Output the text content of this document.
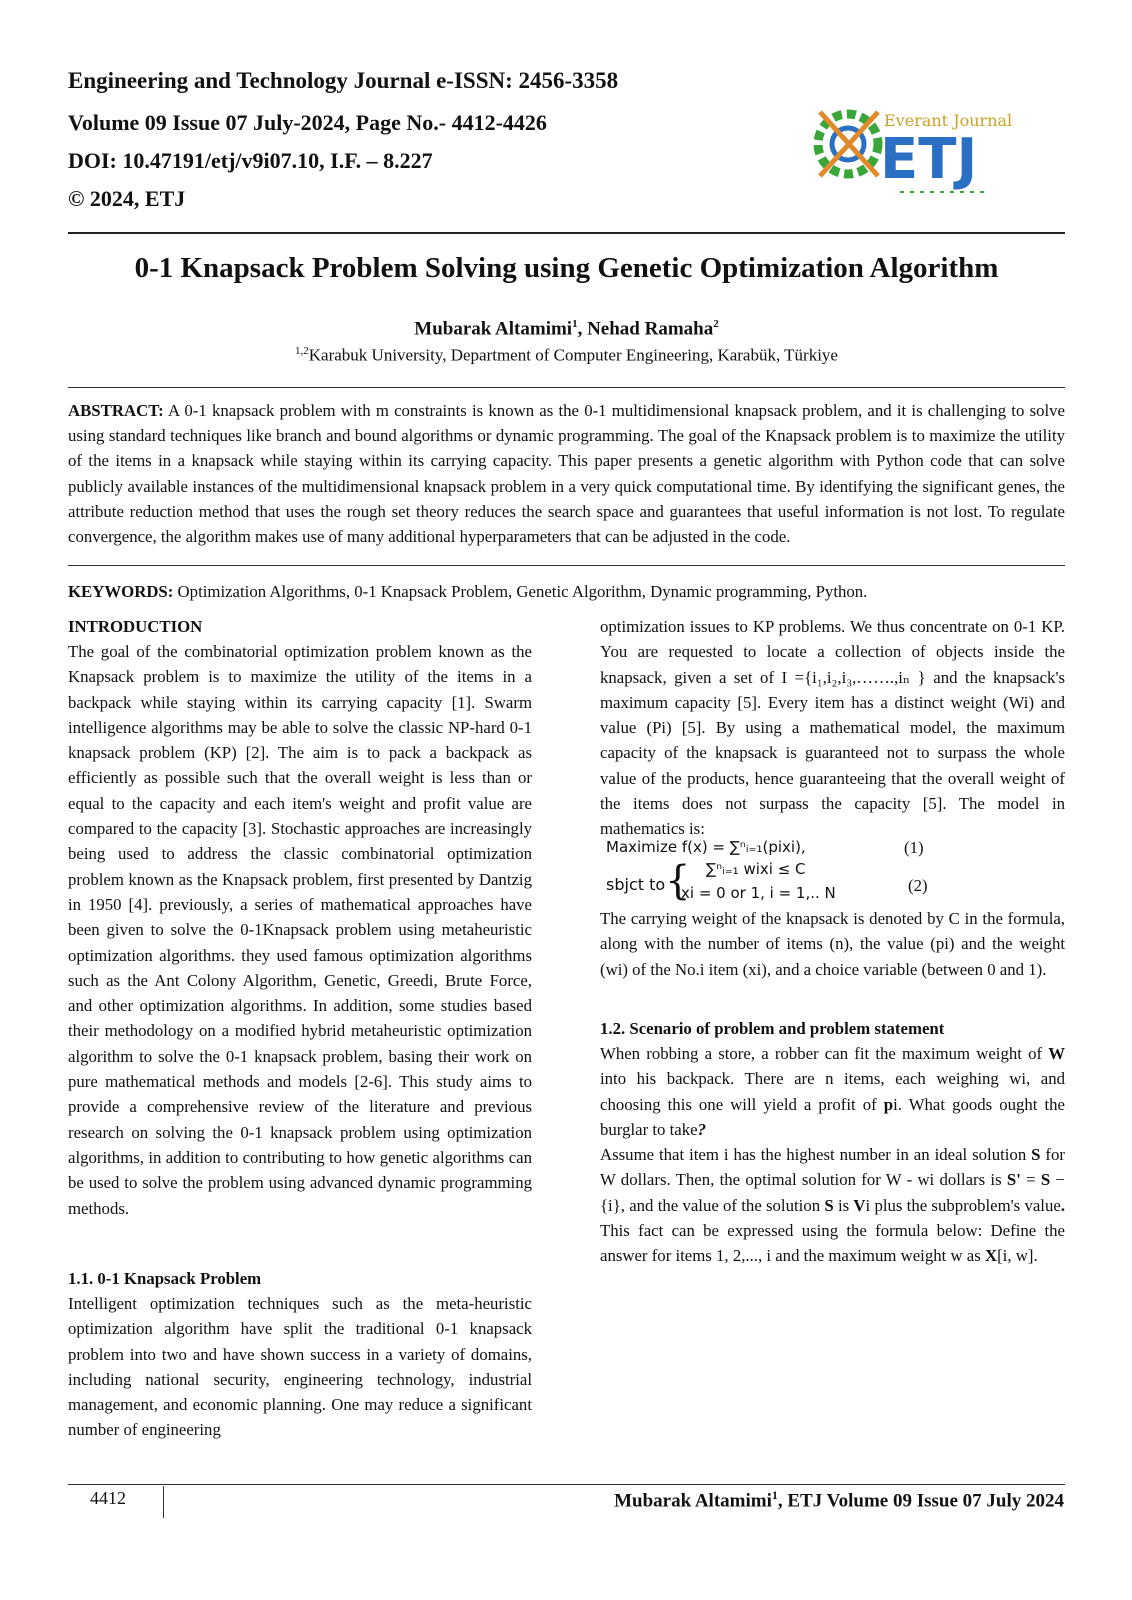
Engineering and Technology Journal e-ISSN: 2456-3358
Volume 09 Issue 07 July-2024, Page No.- 4412-4426
DOI: 10.47191/etj/v9i07.10, I.F. – 8.227
© 2024, ETJ
Everant Journal
ETJ
0-1 Knapsack Problem Solving using Genetic Optimization Algorithm
Mubarak Altamimi$^1$, Nehad Ramaha$^2$
$^{1,2}$Karabuk University, Department of Computer Engineering, Karabük, Türkiye
ABSTRACT: A 0-1 knapsack problem with m constraints is known as the 0-1 multidimensional knapsack problem, and it is challenging to solve using standard techniques like branch and bound algorithms or dynamic programming. The goal of the Knapsack problem is to maximize the utility of the items in a knapsack while staying within its carrying capacity. This paper presents a genetic algorithm with Python code that can solve publicly available instances of the multidimensional knapsack problem in a very quick computational time. By identifying the significant genes, the attribute reduction method that uses the rough set theory reduces the search space and guarantees that useful information is not lost. To regulate convergence, the algorithm makes use of many additional hyperparameters that can be adjusted in the code.
KEYWORDS: Optimization Algorithms, 0-1 Knapsack Problem, Genetic Algorithm, Dynamic programming, Python.
INTRODUCTION
The goal of the combinatorial optimization problem known as the Knapsack problem is to maximize the utility of the items in a backpack while staying within its carrying capacity [1]. Swarm intelligence algorithms may be able to solve the classic NP-hard 0-1 knapsack problem (KP) [2]. The aim is to pack a backpack as efficiently as possible such that the overall weight is less than or equal to the capacity and each item's weight and profit value are compared to the capacity [3]. Stochastic approaches are increasingly being used to address the classic combinatorial optimization problem known as the Knapsack problem, first presented by Dantzig in 1950 [4]. previously, a series of mathematical approaches have been given to solve the 0-1Knapsack problem using metaheuristic optimization algorithms. they used famous optimization algorithms such as the Ant Colony Algorithm, Genetic, Greedi, Brute Force, and other optimization algorithms. In addition, some studies based their methodology on a modified hybrid metaheuristic optimization algorithm to solve the 0-1 knapsack problem, basing their work on pure mathematical methods and models [2-6]. This study aims to provide a comprehensive review of the literature and previous research on solving the 0-1 knapsack problem using optimization algorithms, in addition to contributing to how genetic algorithms can be used to solve the problem using advanced dynamic programming methods.
1.1. 0-1 Knapsack Problem
Intelligent optimization techniques such as the meta-heuristic optimization algorithm have split the traditional 0-1 knapsack problem into two and have shown success in a variety of domains, including national security, engineering technology, industrial management, and economic planning. One may reduce a significant number of engineering
optimization issues to KP problems. We thus concentrate on 0-1 KP. You are requested to locate a collection of objects inside the knapsack, given a set of I ={i₁,i₂,i₃,…….,iₙ } and the knapsack's maximum capacity [5]. Every item has a distinct weight (Wi) and value (Pi) [5]. By using a mathematical model, the maximum capacity of the knapsack is guaranteed not to surpass the whole value of the products, hence guaranteeing that the overall weight of the items does not surpass the capacity [5]. The model in mathematics is:
Maximize f(x) = ∑ⁿᵢ₌₁(pixi),	(1)
sbjct to { ∑ⁿᵢ₌₁ wixi ≤ C
xi = 0 or 1, i = 1,.. N	(2)
The carrying weight of the knapsack is denoted by C in the formula, along with the number of items (n), the value (pi) and the weight (wi) of the No.i item (xi), and a choice variable (between 0 and 1).
1.2. Scenario of problem and problem statement
When robbing a store, a robber can fit the maximum weight of W into his backpack. There are n items, each weighing wi, and choosing this one will yield a profit of pi. What goods ought the burglar to take?
Assume that item i has the highest number in an ideal solution S for W dollars. Then, the optimal solution for W - wi dollars is S' = S − {i}, and the value of the solution S is Vi plus the subproblem's value. This fact can be expressed using the formula below: Define the answer for items 1, 2,..., i and the maximum weight w as X[i, w].
4412	Mubarak Altamimi$^1$, ETJ Volume 09 Issue 07 July 2024
